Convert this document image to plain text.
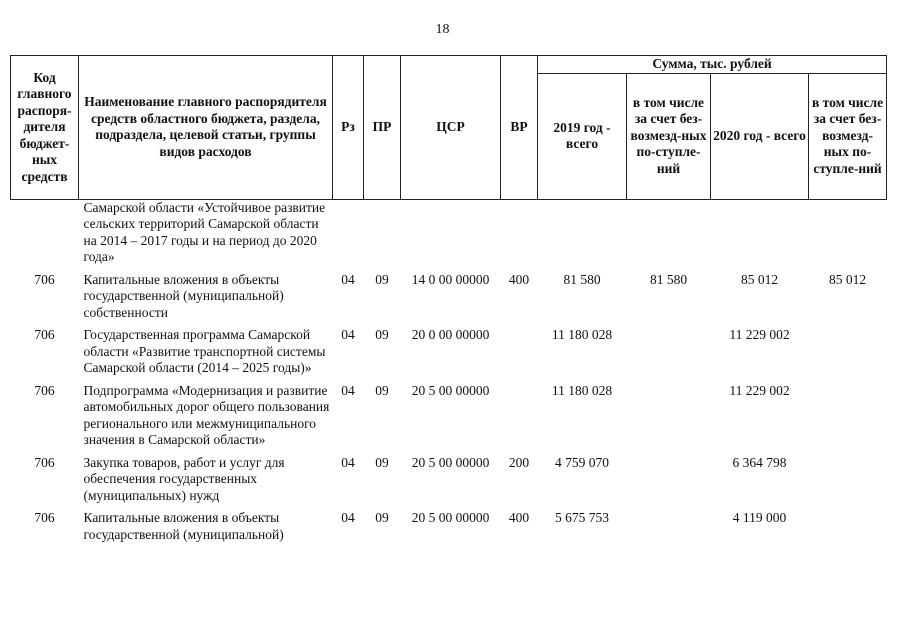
18
Код главного распоря-дителя бюджет-ных средств	Наименование главного распорядителя средств областного бюджета, раздела, подраздела, целевой статьи, группы видов расходов	Рз	ПР	ЦСР	ВР	Сумма, тыс. рублей			
						2019 год - всего	в том числе за счет без-возмезд-ных по-ступле-ний	2020 год - всего	в том числе за счет без-возмезд-ных по-ступле-ний
	Самарской области «Устойчивое развитие сельских территорий Самарской области на 2014 – 2017 годы и на период до 2020 года»								

706	Капитальные вложения в объекты государственной (муниципальной) собственности	04	09	14 0 00 00000	400	81 580	81 580	85 012	85 012

706	Государственная программа Самарской области «Развитие транспортной системы Самарской области (2014 – 2025 годы)»	04	09	20 0 00 00000		11 180 028		11 229 002	

706	Подпрограмма «Модернизация и развитие автомобильных дорог общего пользования регионального или межмуниципального значения в Самарской области»	04	09	20 5 00 00000		11 180 028		11 229 002	

706	Закупка товаров, работ и услуг для обеспечения государственных (муниципальных) нужд	04	09	20 5 00 00000	200	4 759 070		6 364 798	

706	Капитальные вложения в объекты государственной (муниципальной)	04	09	20 5 00 00000	400	5 675 753		4 119 000	
